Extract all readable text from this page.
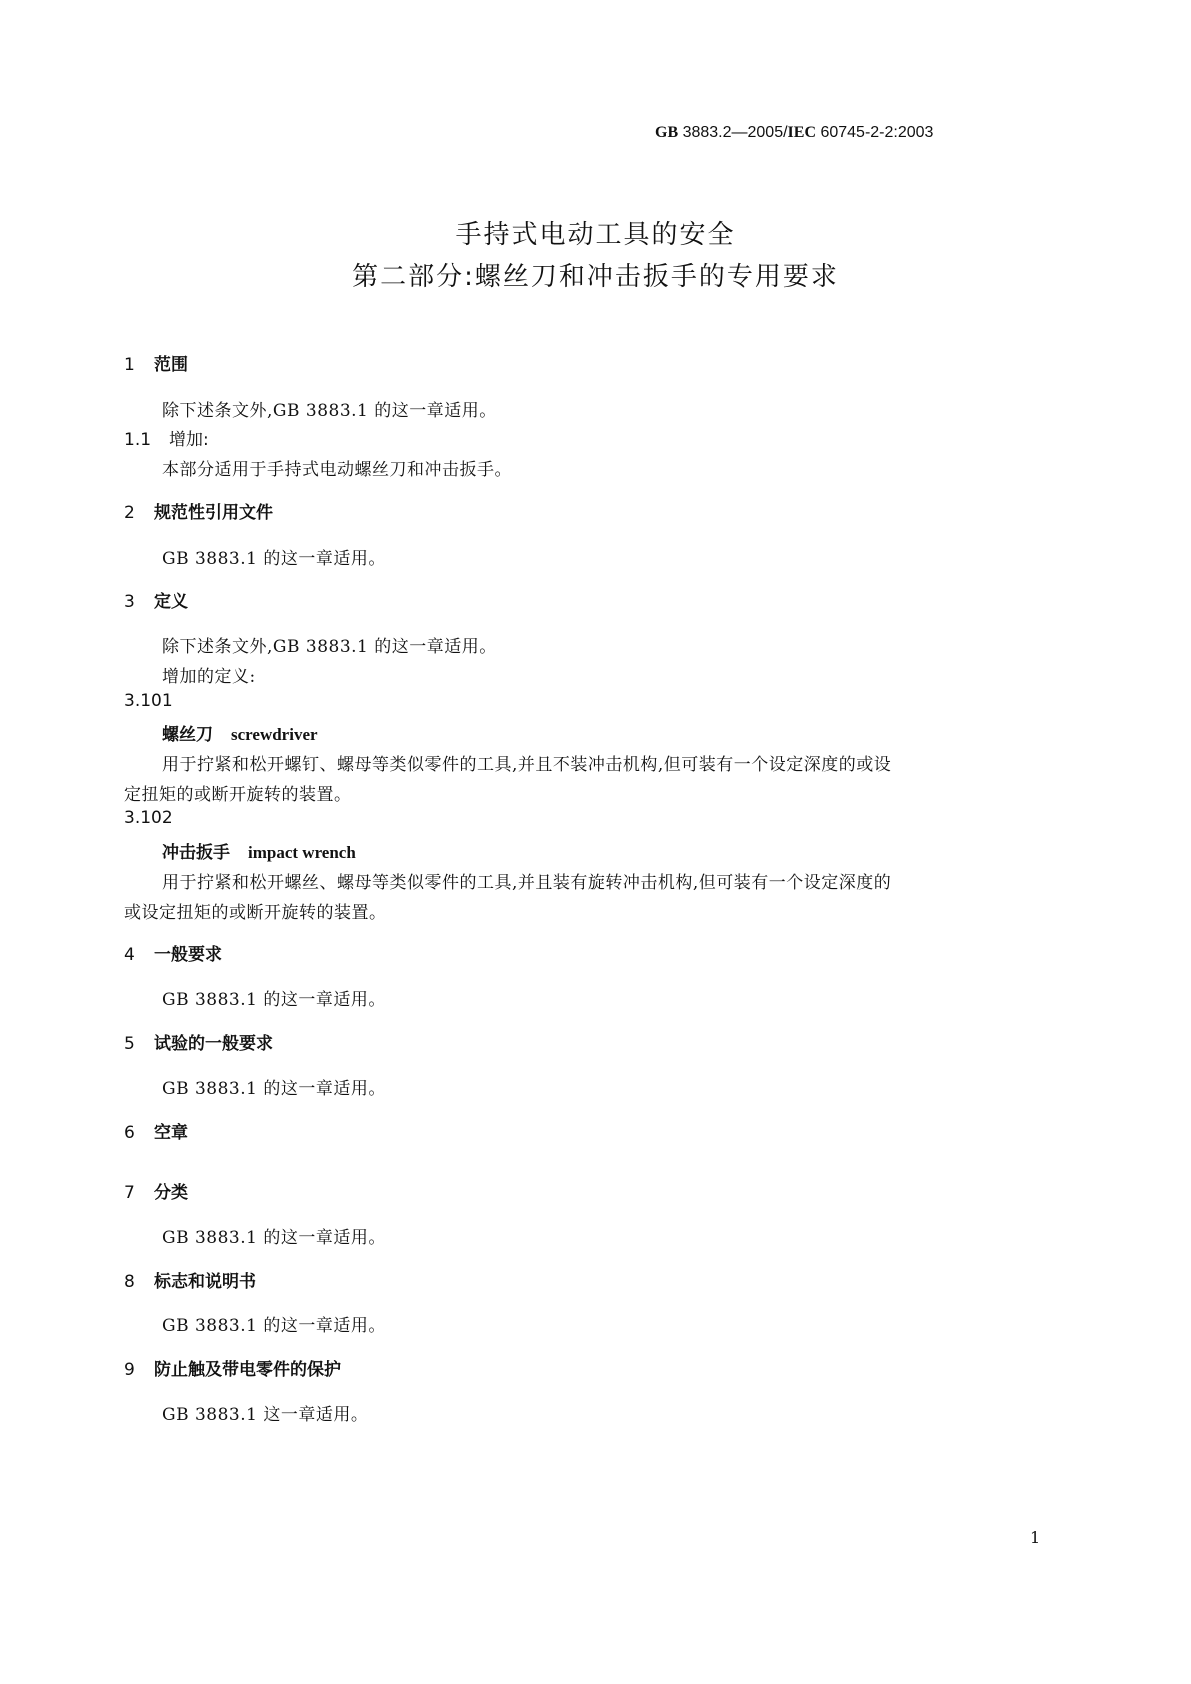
GB 3883.2—2005/IEC 60745-2-2:2003
手持式电动工具的安全
第二部分:螺丝刀和冲击扳手的专用要求
1 范围
除下述条文外,GB 3883.1 的这一章适用。
1.1 增加:
本部分适用于手持式电动螺丝刀和冲击扳手。
2 规范性引用文件
GB 3883.1 的这一章适用。
3 定义
除下述条文外,GB 3883.1 的这一章适用。
增加的定义:
3.101
螺丝刀 screwdriver
用于拧紧和松开螺钉、螺母等类似零件的工具,并且不装冲击机构,但可装有一个设定深度的或设
定扭矩的或断开旋转的装置。
3.102
冲击扳手 impact wrench
用于拧紧和松开螺丝、螺母等类似零件的工具,并且装有旋转冲击机构,但可装有一个设定深度的
或设定扭矩的或断开旋转的装置。
4 一般要求
GB 3883.1 的这一章适用。
5 试验的一般要求
GB 3883.1 的这一章适用。
6 空章
7 分类
GB 3883.1 的这一章适用。
8 标志和说明书
GB 3883.1 的这一章适用。
9 防止触及带电零件的保护
GB 3883.1 这一章适用。
1
